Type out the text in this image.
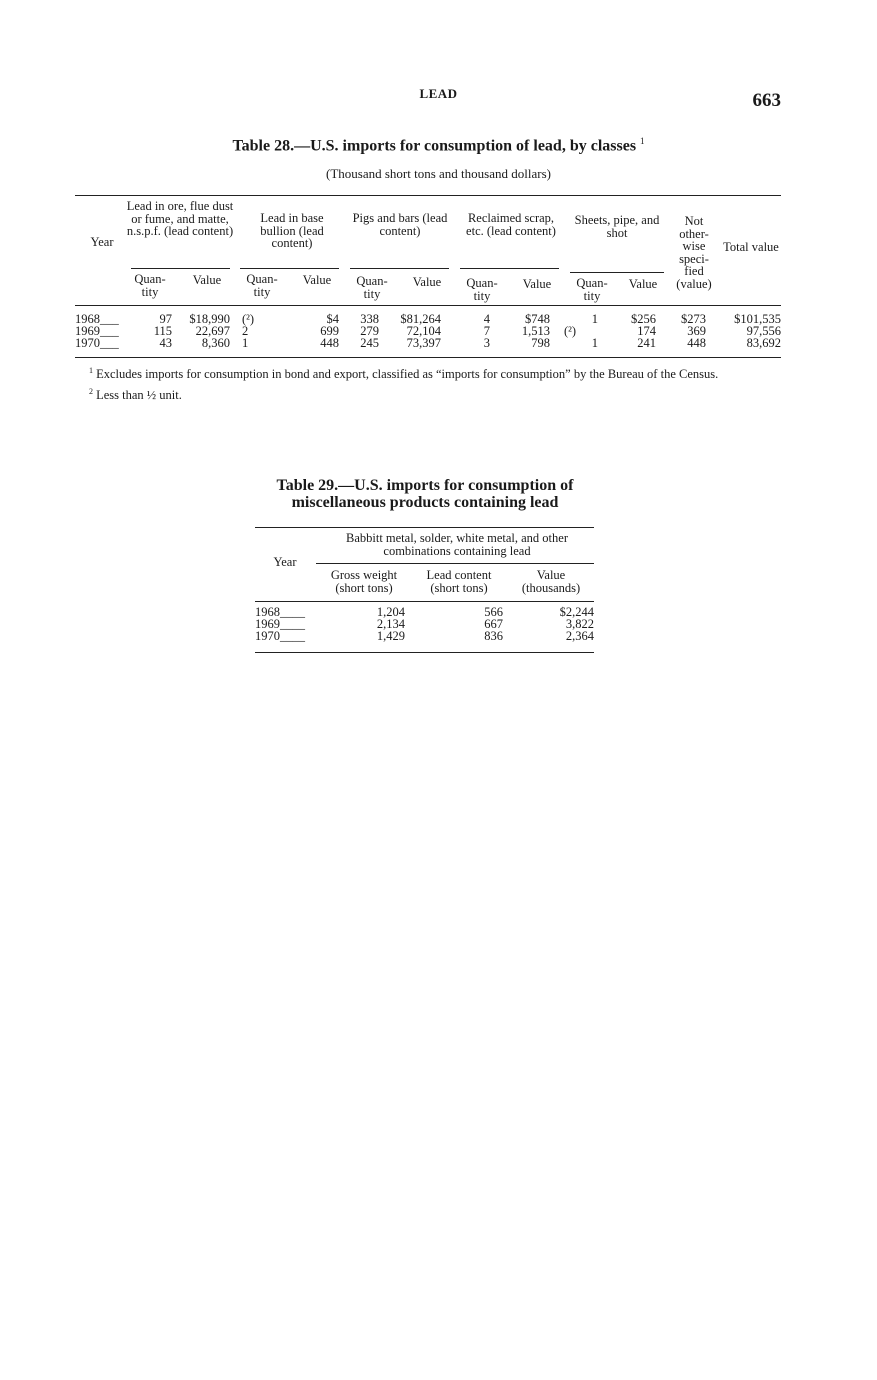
LEAD	663
Table 28.—U.S. imports for consumption of lead, by classes $^1$
(Thousand short tons and thousand dollars)
Year
Lead in ore, flue dust or fume, and matte, n.s.p.f. (lead content)
Lead in base bullion (lead content)
Pigs and bars (lead content)
Reclaimed scrap, etc. (lead content)
Sheets, pipe, and shot
Not other- wise speci- fied (value)
Total value
Quan- tity
Value	Quan- tity
Value	Quan- tity
Value	Quan- tity
Value	Quan- tity
Value
1968___	97	$18,990	(²)	$4	338	$81,264	4	$748	1	$256	$273	$101,535
1969___	115	22,697	2	699	279	72,104	7	1,513	(²)	174	369	97,556
1970___	43	8,360	1	448	245	73,397	3	798	1	241	448	83,692
$^1$ Excludes imports for consumption in bond and export, classified as “imports for consumption” by the Bureau of the Census.
$^2$ Less than ½ unit.
Table 29.—U.S. imports for consumption of
miscellaneous products containing lead
Year
Babbitt metal, solder, white metal, and other combinations containing lead
Gross weight (short tons)
Lead content (short tons)
Value (thousands)
1968____	1,204	566	$2,244
1969____	2,134	667	3,822
1970____	1,429	836	2,364
